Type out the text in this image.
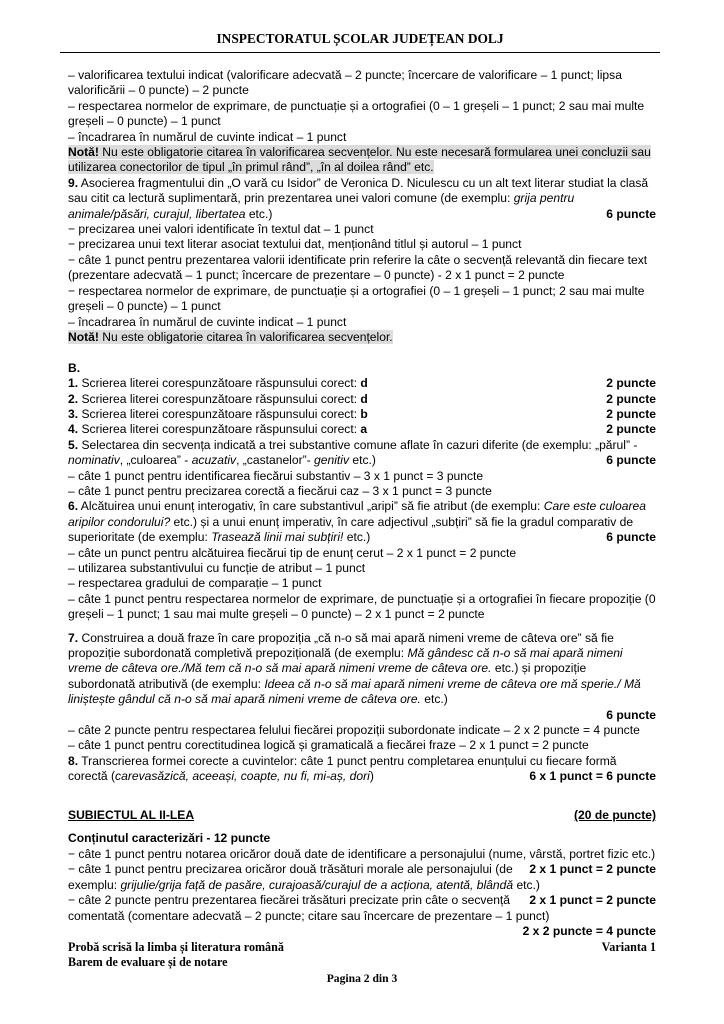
INSPECTORATUL ȘCOLAR JUDEȚEAN DOLJ

– valorificarea textului indicat (valorificare adecvată – 2 puncte; încercare de valorificare – 1 punct; lipsa valorificării – 0 puncte) – 2 puncte

– respectarea normelor de exprimare, de punctuație și a ortografiei (0 – 1 greșeli – 1 punct; 2 sau mai multe greșeli – 0 puncte) – 1 punct

– încadrarea în numărul de cuvinte indicat – 1 punct

Notă! Nu este obligatorie citarea în valorificarea secvențelor. Nu este necesară formularea unei concluzii sau utilizarea conectorilor de tipul „în primul rând”, „în al doilea rând” etc.

9. Asocierea fragmentului din „O vară cu Isidor” de Veronica D. Niculescu cu un alt text literar studiat la clasă sau citit ca lectură suplimentară, prin prezentarea unei valori comune (de exemplu: grija pentru animale/păsări, curajul, libertatea etc.)	6 puncte

− precizarea unei valori identificate în textul dat – 1 punct

− precizarea unui text literar asociat textului dat, menționând titlul și autorul – 1 punct

− câte 1 punct pentru prezentarea valorii identificate prin referire la câte o secvență relevantă din fiecare text (prezentare adecvată – 1 punct; încercare de prezentare – 0 puncte) - 2 x 1 punct = 2 puncte

− respectarea normelor de exprimare, de punctuație și a ortografiei (0 – 1 greșeli – 1 punct; 2 sau mai multe greșeli – 0 puncte) – 1 punct

– încadrarea în numărul de cuvinte indicat – 1 punct

Notă! Nu este obligatorie citarea în valorificarea secvențelor.

B.

1. Scrierea literei corespunzătoare răspunsului corect: d	2 puncte

2. Scrierea literei corespunzătoare răspunsului corect: d	2 puncte

3. Scrierea literei corespunzătoare răspunsului corect: b	2 puncte

4. Scrierea literei corespunzătoare răspunsului corect: a	2 puncte

5. Selectarea din secvența indicată a trei substantive comune aflate în cazuri diferite (de exemplu: „părul” - nominativ, „culoarea” - acuzativ, „castanelor”- genitiv etc.)	6 puncte

– câte 1 punct pentru identificarea fiecărui substantiv – 3 x 1 punct = 3 puncte

– câte 1 punct pentru precizarea corectă a fiecărui caz – 3 x 1 punct = 3 puncte

6. Alcătuirea unui enunț interogativ, în care substantivul „aripi” să fie atribut (de exemplu: Care este culoarea aripilor condorului? etc.) și a unui enunț imperativ, în care adjectivul „subțiri” să fie la gradul comparativ de superioritate (de exemplu: Trasează linii mai subțiri! etc.)	6 puncte

– câte un punct pentru alcătuirea fiecărui tip de enunț cerut – 2 x 1 punct = 2 puncte

– utilizarea substantivului cu funcție de atribut – 1 punct

– respectarea gradului de comparație – 1 punct

– câte 1 punct pentru respectarea normelor de exprimare, de punctuație și a ortografiei în fiecare propoziție (0 greșeli – 1 punct; 1 sau mai multe greșeli – 0 puncte) – 2 x 1 punct = 2 puncte

7. Construirea a două fraze în care propoziția „că n-o să mai apară nimeni vreme de câteva ore” să fie propoziție subordonată completivă prepozițională (de exemplu: Mă gândesc că n-o să mai apară nimeni vreme de câteva ore./Mă tem că n-o să mai apară nimeni vreme de câteva ore. etc.) și propoziție subordonată atributivă (de exemplu: Ideea că n-o să mai apară nimeni vreme de câteva ore mă sperie./ Mă liniștește gândul că n-o să mai apară nimeni vreme de câteva ore. etc.)

6 puncte

– câte 2 puncte pentru respectarea felului fiecărei propoziții subordonate indicate – 2 x 2 puncte = 4 puncte

– câte 1 punct pentru corectitudinea logică și gramaticală a fiecărei fraze – 2 x 1 punct = 2 puncte

8. Transcrierea formei corecte a cuvintelor: câte 1 punct pentru completarea enunțului cu fiecare formă corectă (carevasăzică, aceeași, coapte, nu fi, mi-aș, dori)	6 x 1 punct = 6 puncte

SUBIECTUL AL II-LEA	(20 de puncte)

Conținutul caracterizări - 12 puncte

− câte 1 punct pentru notarea oricăror două date de identificare a personajului (nume, vârstă, portret fizic etc.)
2 x 1 punct = 2 puncte

− câte 1 punct pentru precizarea oricăror două trăsături morale ale personajului (de exemplu: grijulie/grija față de pasăre, curajoasă/curajul de a acționa, atentă, blândă etc.)
2 x 1 punct = 2 puncte

− câte 2 puncte pentru prezentarea fiecărei trăsături precizate prin câte o secvență comentată (comentare adecvată – 2 puncte; citare sau încercare de prezentare – 1 punct)
2 x 2 puncte = 4 puncte

Probă scrisă la limba și literatura română	Varianta 1
Barem de evaluare și de notare
Pagina 2 din 3
